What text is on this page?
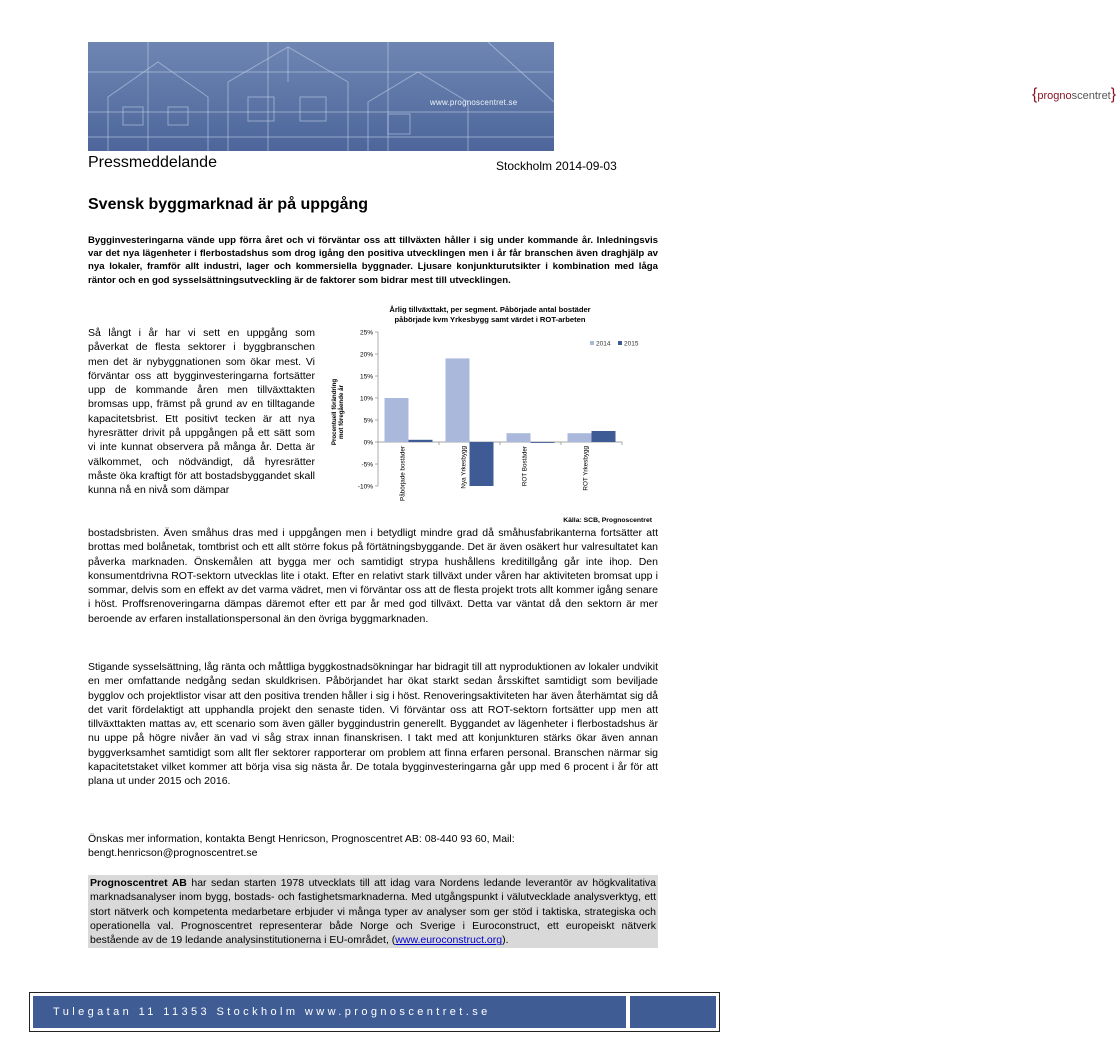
www.prognoscentret.se	{prognoscentret}
Pressmeddelande	Stockholm 2014-09-03
Svensk byggmarknad är på uppgång

Bygginvesteringarna vände upp förra året och vi förväntar oss att tillväxten håller i sig under kommande år. Inledningsvis var det nya lägenheter i flerbostadshus som drog igång den positiva utvecklingen men i år får branschen även draghjälp av nya lokaler, framför allt industri, lager och kommersiella byggnader. Ljusare konjunkturutsikter i kombination med låga räntor och en god sysselsättningsutveckling är de faktorer som bidrar mest till utvecklingen.

Så långt i år har vi sett en uppgång som påverkat de flesta sektorer i byggbranschen men det är nybyggnationen som ökar mest. Vi förväntar oss att bygginvesteringarna fortsätter upp de kommande åren men tillväxttakten bromsas upp, främst på grund av en tilltagande kapacitetsbrist. Ett positivt tecken är att nya hyresrätter drivit på uppgången på ett sätt som vi inte kunnat observera på många år. Detta är välkommet, och nödvändigt, då hyresrätter måste öka kraftigt för att bostadsbyggandet skall kunna nå en nivå som dämpar

Årlig tillväxttakt, per segment. Påbörjade antal bostäder
påbörjade kvm Yrkesbygg samt värdet i ROT-arbeten
Procentuell förändring mot föregående år
-10%
-5%
0%
5%
10%
15%
20%
25%
Påbörjade bostäder	Nya Yrkesbygg	ROT Bostäder	ROT Yrkesbygg
2014 2015
Källa: SCB, Prognoscentret

bostadsbristen. Även småhus dras med i uppgången men i betydligt mindre grad då småhusfabrikanterna fortsätter att brottas med bolånetak, tomtbrist och ett allt större fokus på förtätningsbyggande. Det är även osäkert hur valresultatet kan påverka marknaden. Önskemålen att bygga mer och samtidigt strypa hushållens kreditillgång går inte ihop. Den konsumentdrivna ROT-sektorn utvecklas lite i otakt. Efter en relativt stark tillväxt under våren har aktiviteten bromsat upp i sommar, delvis som en effekt av det varma vädret, men vi förväntar oss att de flesta projekt trots allt kommer igång senare i höst. Proffsrenoveringarna dämpas däremot efter ett par år med god tillväxt. Detta var väntat då den sektorn är mer beroende av erfaren installationspersonal än den övriga byggmarknaden.

Stigande sysselsättning, låg ränta och måttliga byggkostnadsökningar har bidragit till att nyproduktionen av lokaler undvikit en mer omfattande nedgång sedan skuldkrisen. Påbörjandet har ökat starkt sedan årsskiftet samtidigt som beviljade bygglov och projektlistor visar att den positiva trenden håller i sig i höst. Renoveringsaktiviteten har även återhämtat sig då det varit fördelaktigt att upphandla projekt den senaste tiden. Vi förväntar oss att ROT-sektorn fortsätter upp men att tillväxttakten mattas av, ett scenario som även gäller byggindustrin generellt. Byggandet av lägenheter i flerbostadshus är nu uppe på högre nivåer än vad vi såg strax innan finanskrisen. I takt med att konjunkturen stärks ökar även annan byggverksamhet samtidigt som allt fler sektorer rapporterar om problem att finna erfaren personal. Branschen närmar sig kapacitetstaket vilket kommer att börja visa sig nästa år. De totala bygginvesteringarna går upp med 6 procent i år för att plana ut under 2015 och 2016.

Önskas mer information, kontakta Bengt Henricson, Prognoscentret AB: 08-440 93 60, Mail: bengt.henricson@prognoscentret.se

Prognoscentret AB har sedan starten 1978 utvecklats till att idag vara Nordens ledande leverantör av högkvalitativa marknadsanalyser inom bygg, bostads- och fastighetsmarknaderna. Med utgångspunkt i välutvecklade analysverktyg, ett stort nätverk och kompetenta medarbetare erbjuder vi många typer av analyser som ger stöd i taktiska, strategiska och operationella val. Prognoscentret representerar både Norge och Sverige i Euroconstruct, ett europeiskt nätverk bestående av de 19 ledande analysinstitutionerna i EU-området, (www.euroconstruct.org).

Tulegatan 11 11353 Stockholm www.prognoscentret.se
